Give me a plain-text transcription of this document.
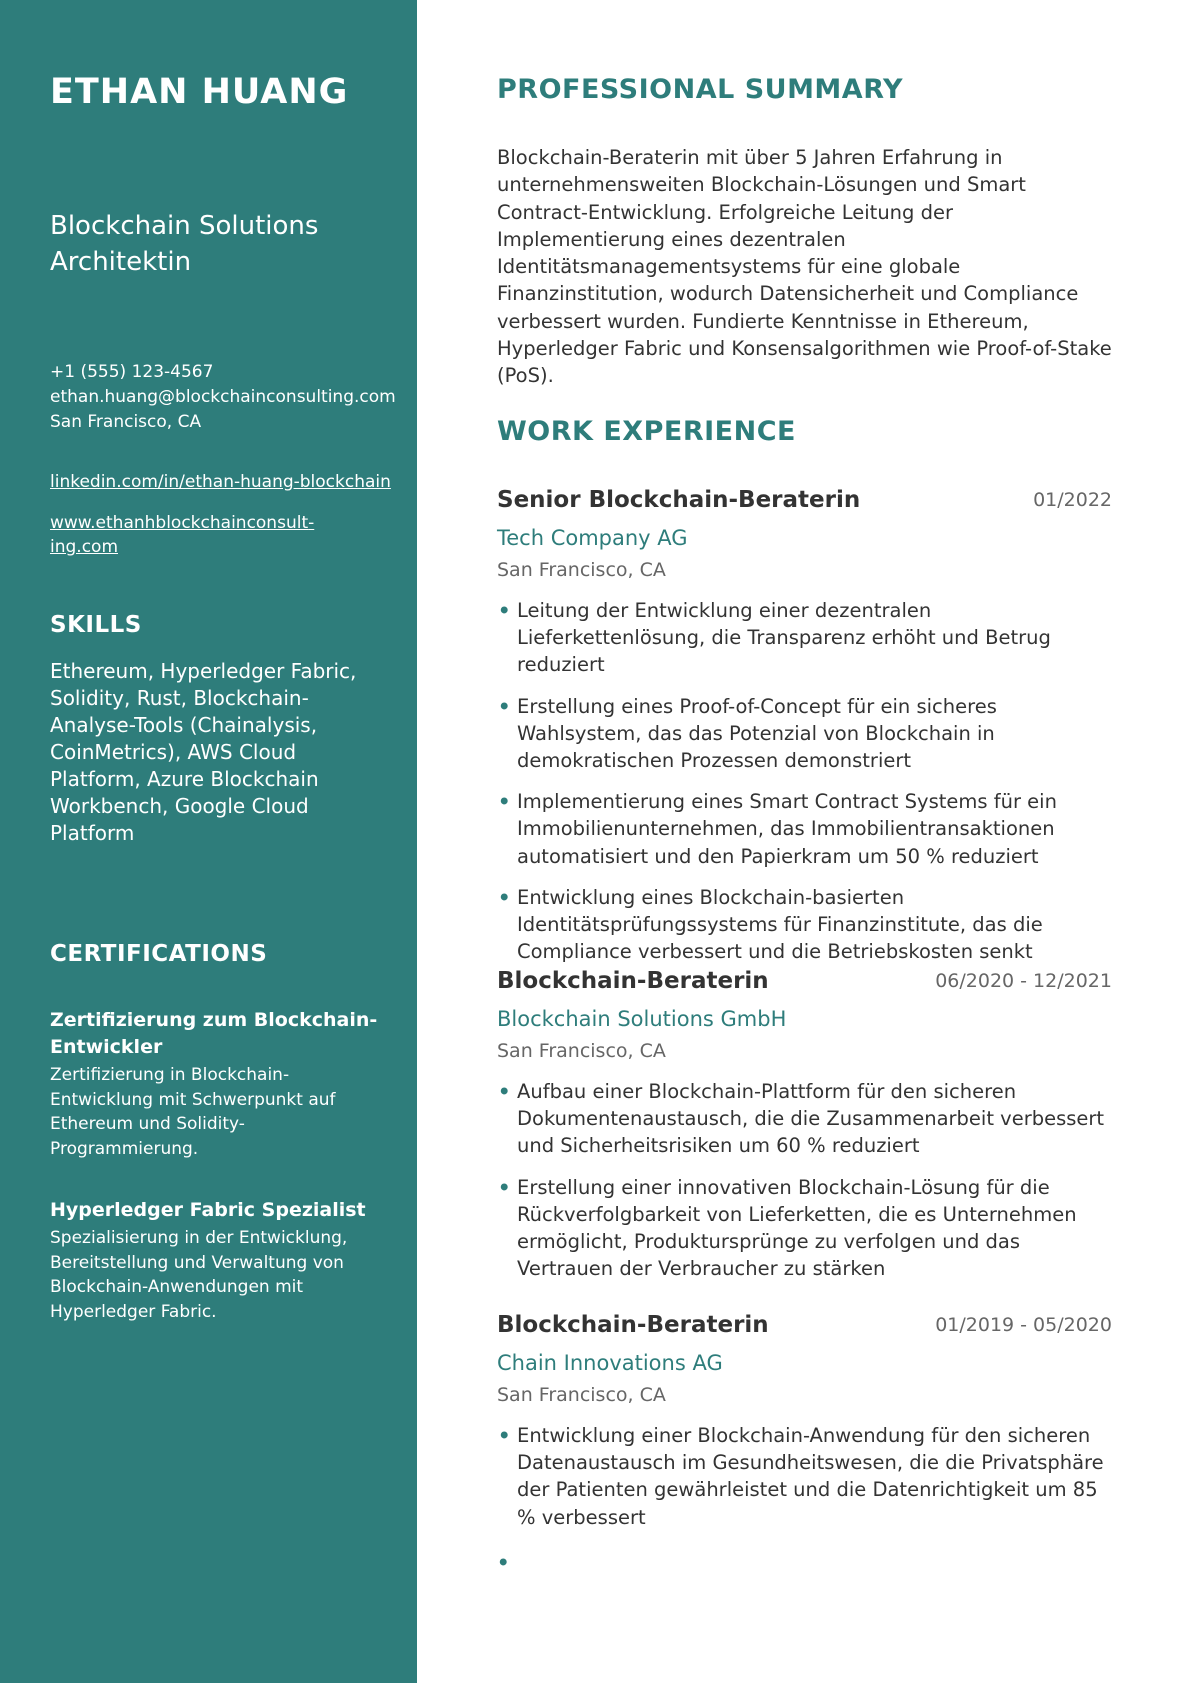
ETHAN HUANG
Blockchain Solutions Architektin
+1 (555) 123-4567
ethan.huang@blockchainconsulting.com
San Francisco, CA
linkedin.com/in/ethan-huang-blockchain
www.ethanhblockchainconsulting.com
SKILLS
Ethereum, Hyperledger Fabric, Solidity, Rust, Blockchain-Analyse-Tools (Chainalysis, CoinMetrics), AWS Cloud Platform, Azure Blockchain Workbench, Google Cloud Platform
CERTIFICATIONS
Zertifizierung zum Blockchain-Entwickler
Zertifizierung in Blockchain-Entwicklung mit Schwerpunkt auf Ethereum und Solidity-Programmierung.
Hyperledger Fabric Spezialist
Spezialisierung in der Entwicklung, Bereitstellung und Verwaltung von Blockchain-Anwendungen mit Hyperledger Fabric.
PROFESSIONAL SUMMARY
Blockchain-Beraterin mit über 5 Jahren Erfahrung in unternehmensweiten Blockchain-Lösungen und Smart Contract-Entwicklung. Erfolgreiche Leitung der Implementierung eines dezentralen Identitätsmanagementsystems für eine globale Finanzinstitution, wodurch Datensicherheit und Compliance verbessert wurden. Fundierte Kenntnisse in Ethereum, Hyperledger Fabric und Konsensalgorithmen wie Proof-of-Stake (PoS).
WORK EXPERIENCE
Senior Blockchain-Beraterin	01/2022
Tech Company AG
San Francisco, CA
• Leitung der Entwicklung einer dezentralen Lieferkettenlösung, die Transparenz erhöht und Betrug reduziert
• Erstellung eines Proof-of-Concept für ein sicheres Wahlsystem, das das Potenzial von Blockchain in demokratischen Prozessen demonstriert
• Implementierung eines Smart Contract Systems für ein Immobilienunternehmen, das Immobilientransaktionen automatisiert und den Papierkram um 50 % reduziert
• Entwicklung eines Blockchain-basierten Identitätsprüfungssystems für Finanzinstitute, das die Compliance verbessert und die Betriebskosten senkt
Blockchain-Beraterin	06/2020 - 12/2021
Blockchain Solutions GmbH
San Francisco, CA
• Aufbau einer Blockchain-Plattform für den sicheren Dokumentenaustausch, die die Zusammenarbeit verbessert und Sicherheitsrisiken um 60 % reduziert
• Erstellung einer innovativen Blockchain-Lösung für die Rückverfolgbarkeit von Lieferketten, die es Unternehmen ermöglicht, Produktursprünge zu verfolgen und das Vertrauen der Verbraucher zu stärken
Blockchain-Beraterin	01/2019 - 05/2020
Chain Innovations AG
San Francisco, CA
• Entwicklung einer Blockchain-Anwendung für den sicheren Datenaustausch im Gesundheitswesen, die die Privatsphäre der Patienten gewährleistet und die Datenrichtigkeit um 85 % verbessert
•
